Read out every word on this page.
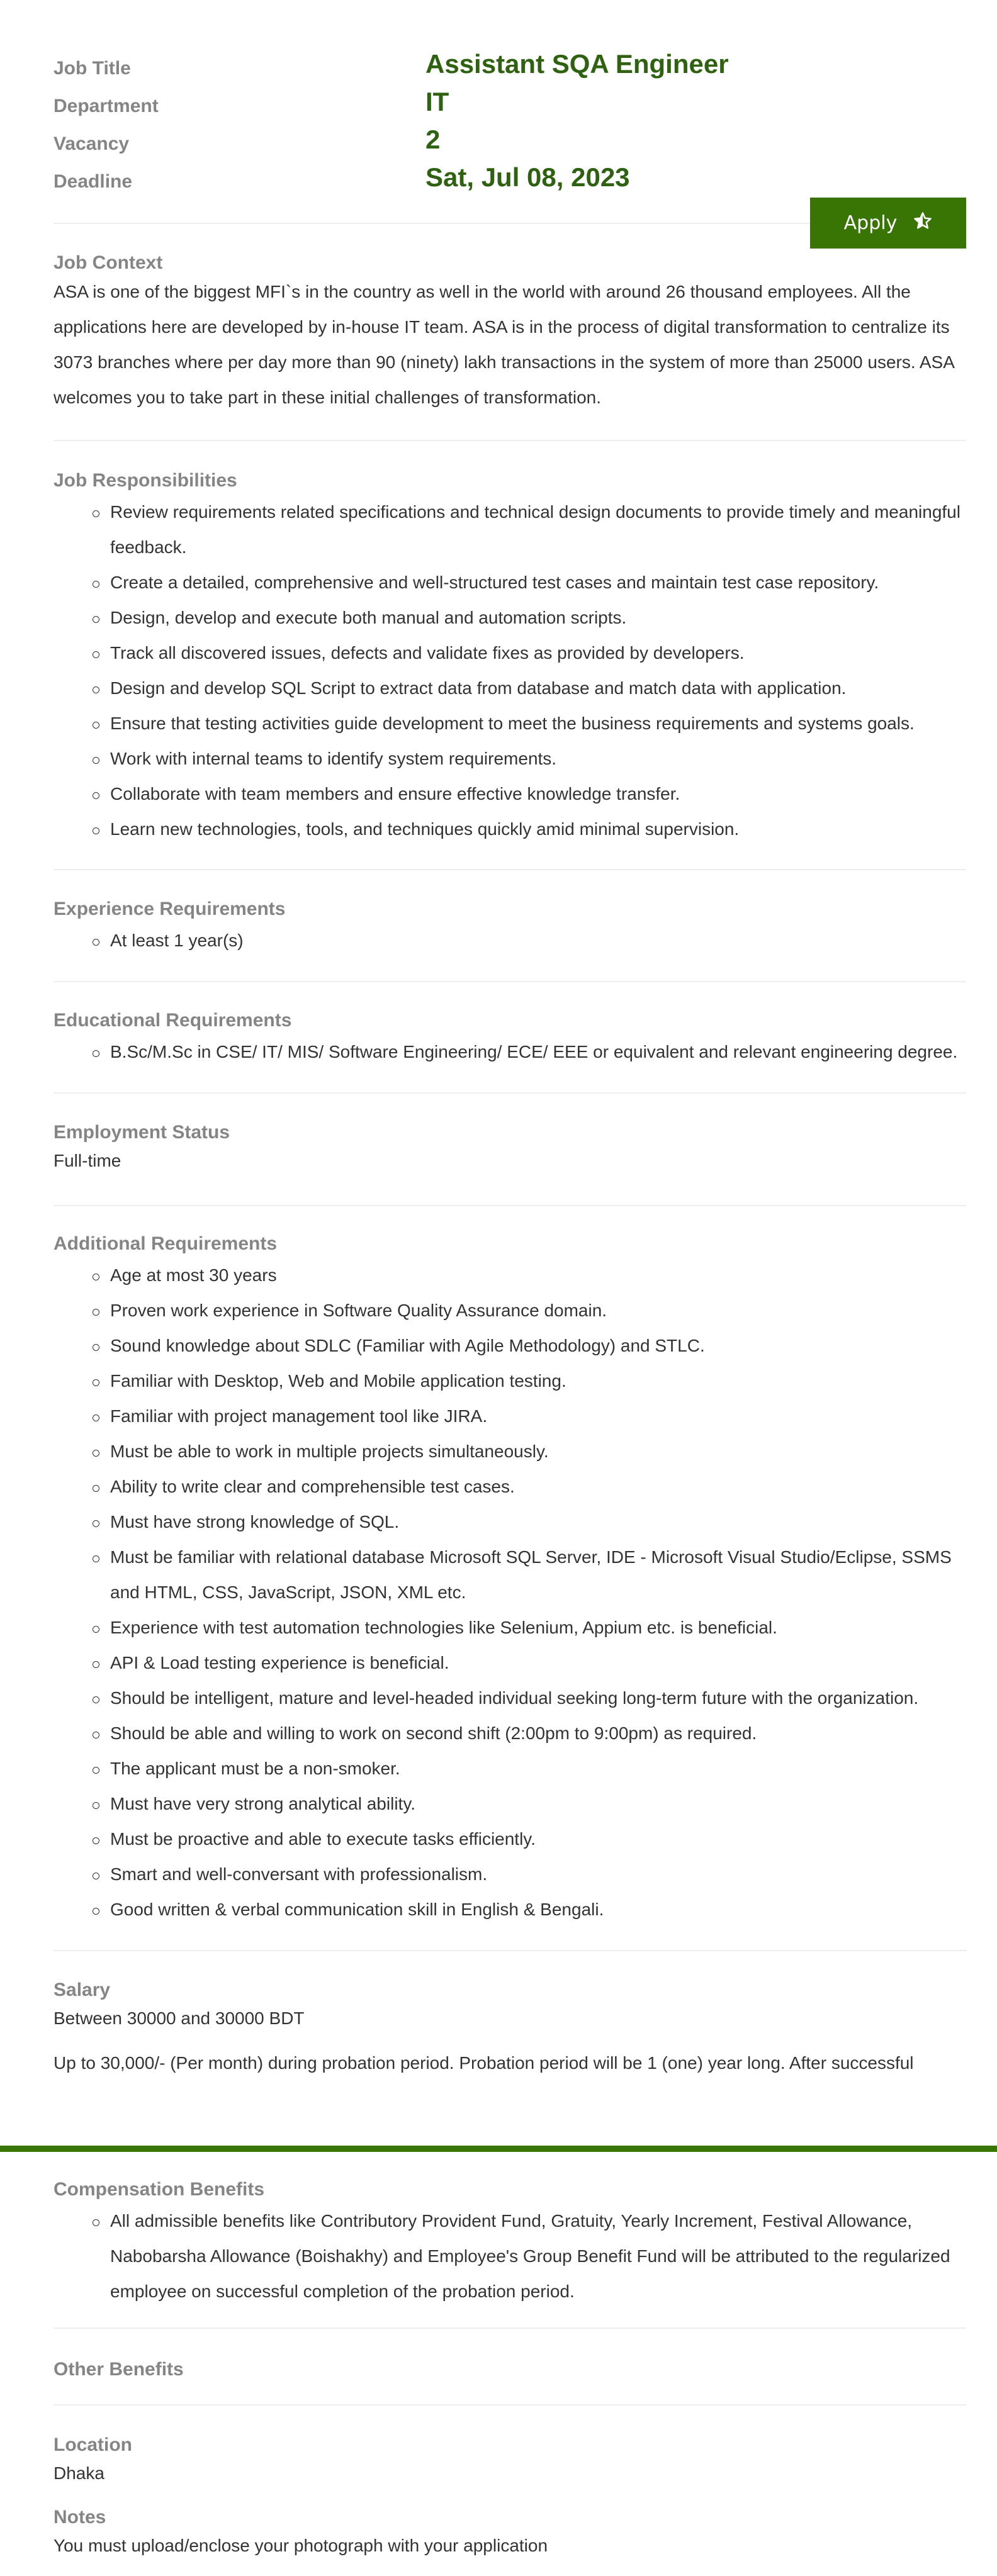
Job Title	Assistant SQA Engineer
Department	IT
Vacancy	2
Deadline	Sat, Jul 08, 2023
Apply
Job Context

ASA is one of the biggest MFI`s in the country as well in the world with around 26 thousand employees. All the applications here are developed by in-house IT team. ASA is in the process of digital transformation to centralize its 3073 branches where per day more than 90 (ninety) lakh transactions in the system of more than 25000 users. ASA welcomes you to take part in these initial challenges of transformation.

Job Responsibilities
Review requirements related specifications and technical design documents to provide timely and meaningful feedback.
Create a detailed, comprehensive and well-structured test cases and maintain test case repository.
Design, develop and execute both manual and automation scripts.
Track all discovered issues, defects and validate fixes as provided by developers.
Design and develop SQL Script to extract data from database and match data with application.
Ensure that testing activities guide development to meet the business requirements and systems goals.
Work with internal teams to identify system requirements.
Collaborate with team members and ensure effective knowledge transfer.
Learn new technologies, tools, and techniques quickly amid minimal supervision.
Experience Requirements
At least 1 year(s)
Educational Requirements
B.Sc/M.Sc in CSE/ IT/ MIS/ Software Engineering/ ECE/ EEE or equivalent and relevant engineering degree.
Employment Status

Full-time

Additional Requirements
Age at most 30 years
Proven work experience in Software Quality Assurance domain.
Sound knowledge about SDLC (Familiar with Agile Methodology) and STLC.
Familiar with Desktop, Web and Mobile application testing.
Familiar with project management tool like JIRA.
Must be able to work in multiple projects simultaneously.
Ability to write clear and comprehensible test cases.
Must have strong knowledge of SQL.
Must be familiar with relational database Microsoft SQL Server, IDE - Microsoft Visual Studio/Eclipse, SSMS and HTML, CSS, JavaScript, JSON, XML etc.
Experience with test automation technologies like Selenium, Appium etc. is beneficial.
API & Load testing experience is beneficial.
Should be intelligent, mature and level-headed individual seeking long-term future with the organization.
Should be able and willing to work on second shift (2:00pm to 9:00pm) as required.
The applicant must be a non-smoker.
Must have very strong analytical ability.
Must be proactive and able to execute tasks efficiently.
Smart and well-conversant with professionalism.
Good written & verbal communication skill in English & Bengali.
Salary

Between 30000 and 30000 BDT

Up to 30,000/- (Per month) during probation period. Probation period will be 1 (one) year long. After successful

Compensation Benefits
All admissible benefits like Contributory Provident Fund, Gratuity, Yearly Increment, Festival Allowance, Nabobarsha Allowance (Boishakhy) and Employee's Group Benefit Fund will be attributed to the regularized employee on successful completion of the probation period.
Other Benefits
Location

Dhaka

Notes

You must upload/enclose your photograph with your application
